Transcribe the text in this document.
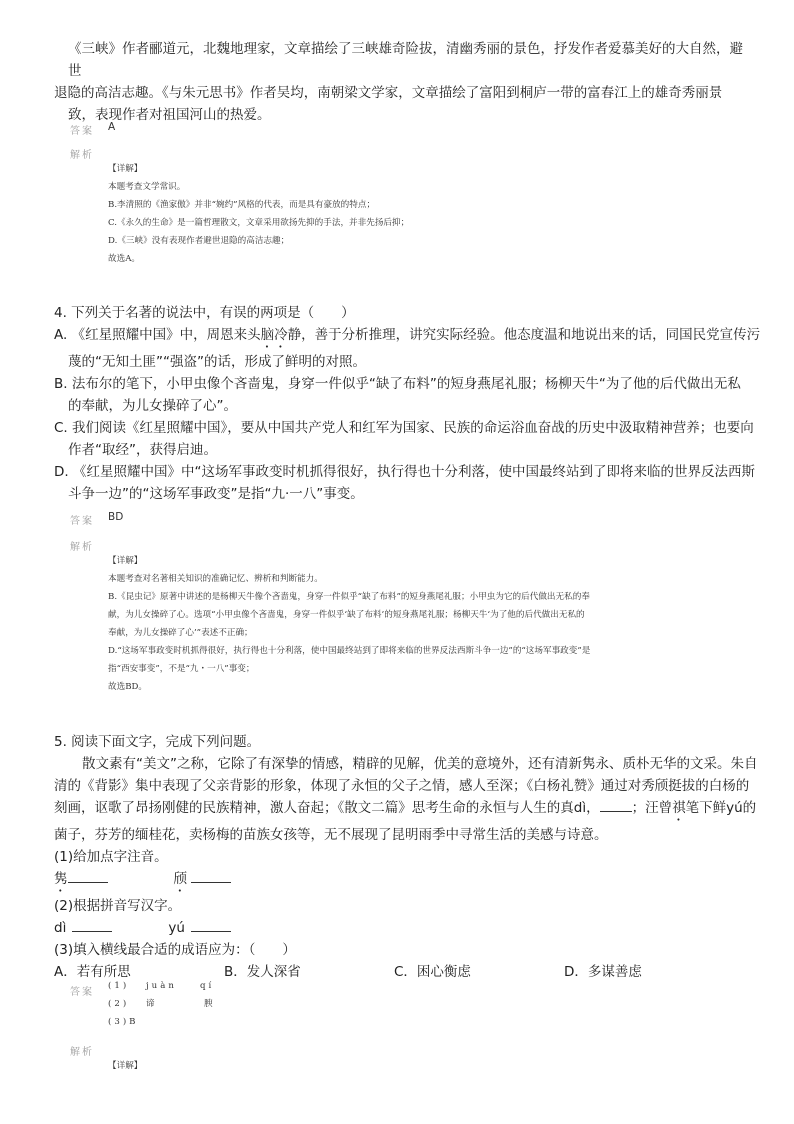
《三峡》作者郦道元，北魏地理家，文章描绘了三峡雄奇险拔，清幽秀丽的景色，抒发作者爱慕美好的大自然，避世
退隐的高洁志趣。《与朱元思书》作者吴均，南朝梁文学家，文章描绘了富阳到桐庐一带的富春江上的雄奇秀丽景
致，表现作者对祖国河山的热爱。
答案 A
解析
【详解】
本题考查文学常识。
B.李清照的《渔家傲》并非“婉约”风格的代表，而是具有豪放的特点；
C.《永久的生命》是一篇哲理散文，文章采用欲扬先抑的手法，并非先扬后抑；
D.《三峡》没有表现作者避世退隐的高洁志趣；
故选A。
4. 下列关于名著的说法中，有误的两项是（　　）
A. 《红星照耀中国》中，周恩来头脑冷静，善于分析推理，讲究实际经验。他态度温和地说出来的话，同国民党宣传污
蔑的“无知土匪”“强盗”的话，形成了鲜明的对照。
B. 法布尔的笔下，小甲虫像个吝啬鬼，身穿一件似乎“缺了布料”的短身燕尾礼服；杨柳天牛“为了他的后代做出无私
的奉献，为儿女操碎了心”。
C. 我们阅读《红星照耀中国》，要从中国共产党人和红军为国家、民族的命运浴血奋战的历史中汲取精神营养；也要向
作者“取经”，获得启迪。
D. 《红星照耀中国》中“这场军事政变时机抓得很好，执行得也十分利落，使中国最终站到了即将来临的世界反法西斯
斗争一边”的“这场军事政变”是指“九·一八”事变。
答案 BD
解析
【详解】
本题考查对名著相关知识的准确记忆、辨析和判断能力。
B.《昆虫记》原著中讲述的是杨柳天牛像个吝啬鬼，身穿一件似乎“缺了布料”的短身燕尾礼服；小甲虫为它的后代做出无私的奉
献，为儿女操碎了心。选项“小甲虫像个吝啬鬼，身穿一件似乎‘缺了布料’的短身燕尾礼服；杨柳天牛‘为了他的后代做出无私的
奉献，为儿女操碎了心’”表述不正确；
D.“这场军事政变时机抓得很好，执行得也十分利落，使中国最终站到了即将来临的世界反法西斯斗争一边”的“这场军事政变”是
指“西安事变”，不是“九・一八”事变；
故选BD。
5. 阅读下面文字，完成下列问题。
散文素有“美文”之称，它除了有深挚的情感，精辟的见解，优美的意境外，还有清新隽永、质朴无华的文采。朱自
清的《背影》集中表现了父亲背影的形象，体现了永恒的父子之情，感人至深；《白杨礼赞》通过对秀颀挺拔的白杨的
刻画，讴歌了昂扬刚健的民族精神，激人奋起；《散文二篇》思考生命的永恒与人生的真dì， ；汪曾祺笔下鲜yú的
菌子，芬芳的缅桂花，卖杨梅的苗族女孩等，无不展现了昆明雨季中寻常生活的美感与诗意。
(1)给加点字注音。
隽	颀
(2)根据拼音写汉字。
dì	yú
(3)填入横线最合适的成语应为：（　　）
A．若有所思	B．发人深省	C．困心衡虑	D．多谋善虑
答案
(1)	juàn　　qí
(2)	谛　　　　腴
(3)B
解析
【详解】
